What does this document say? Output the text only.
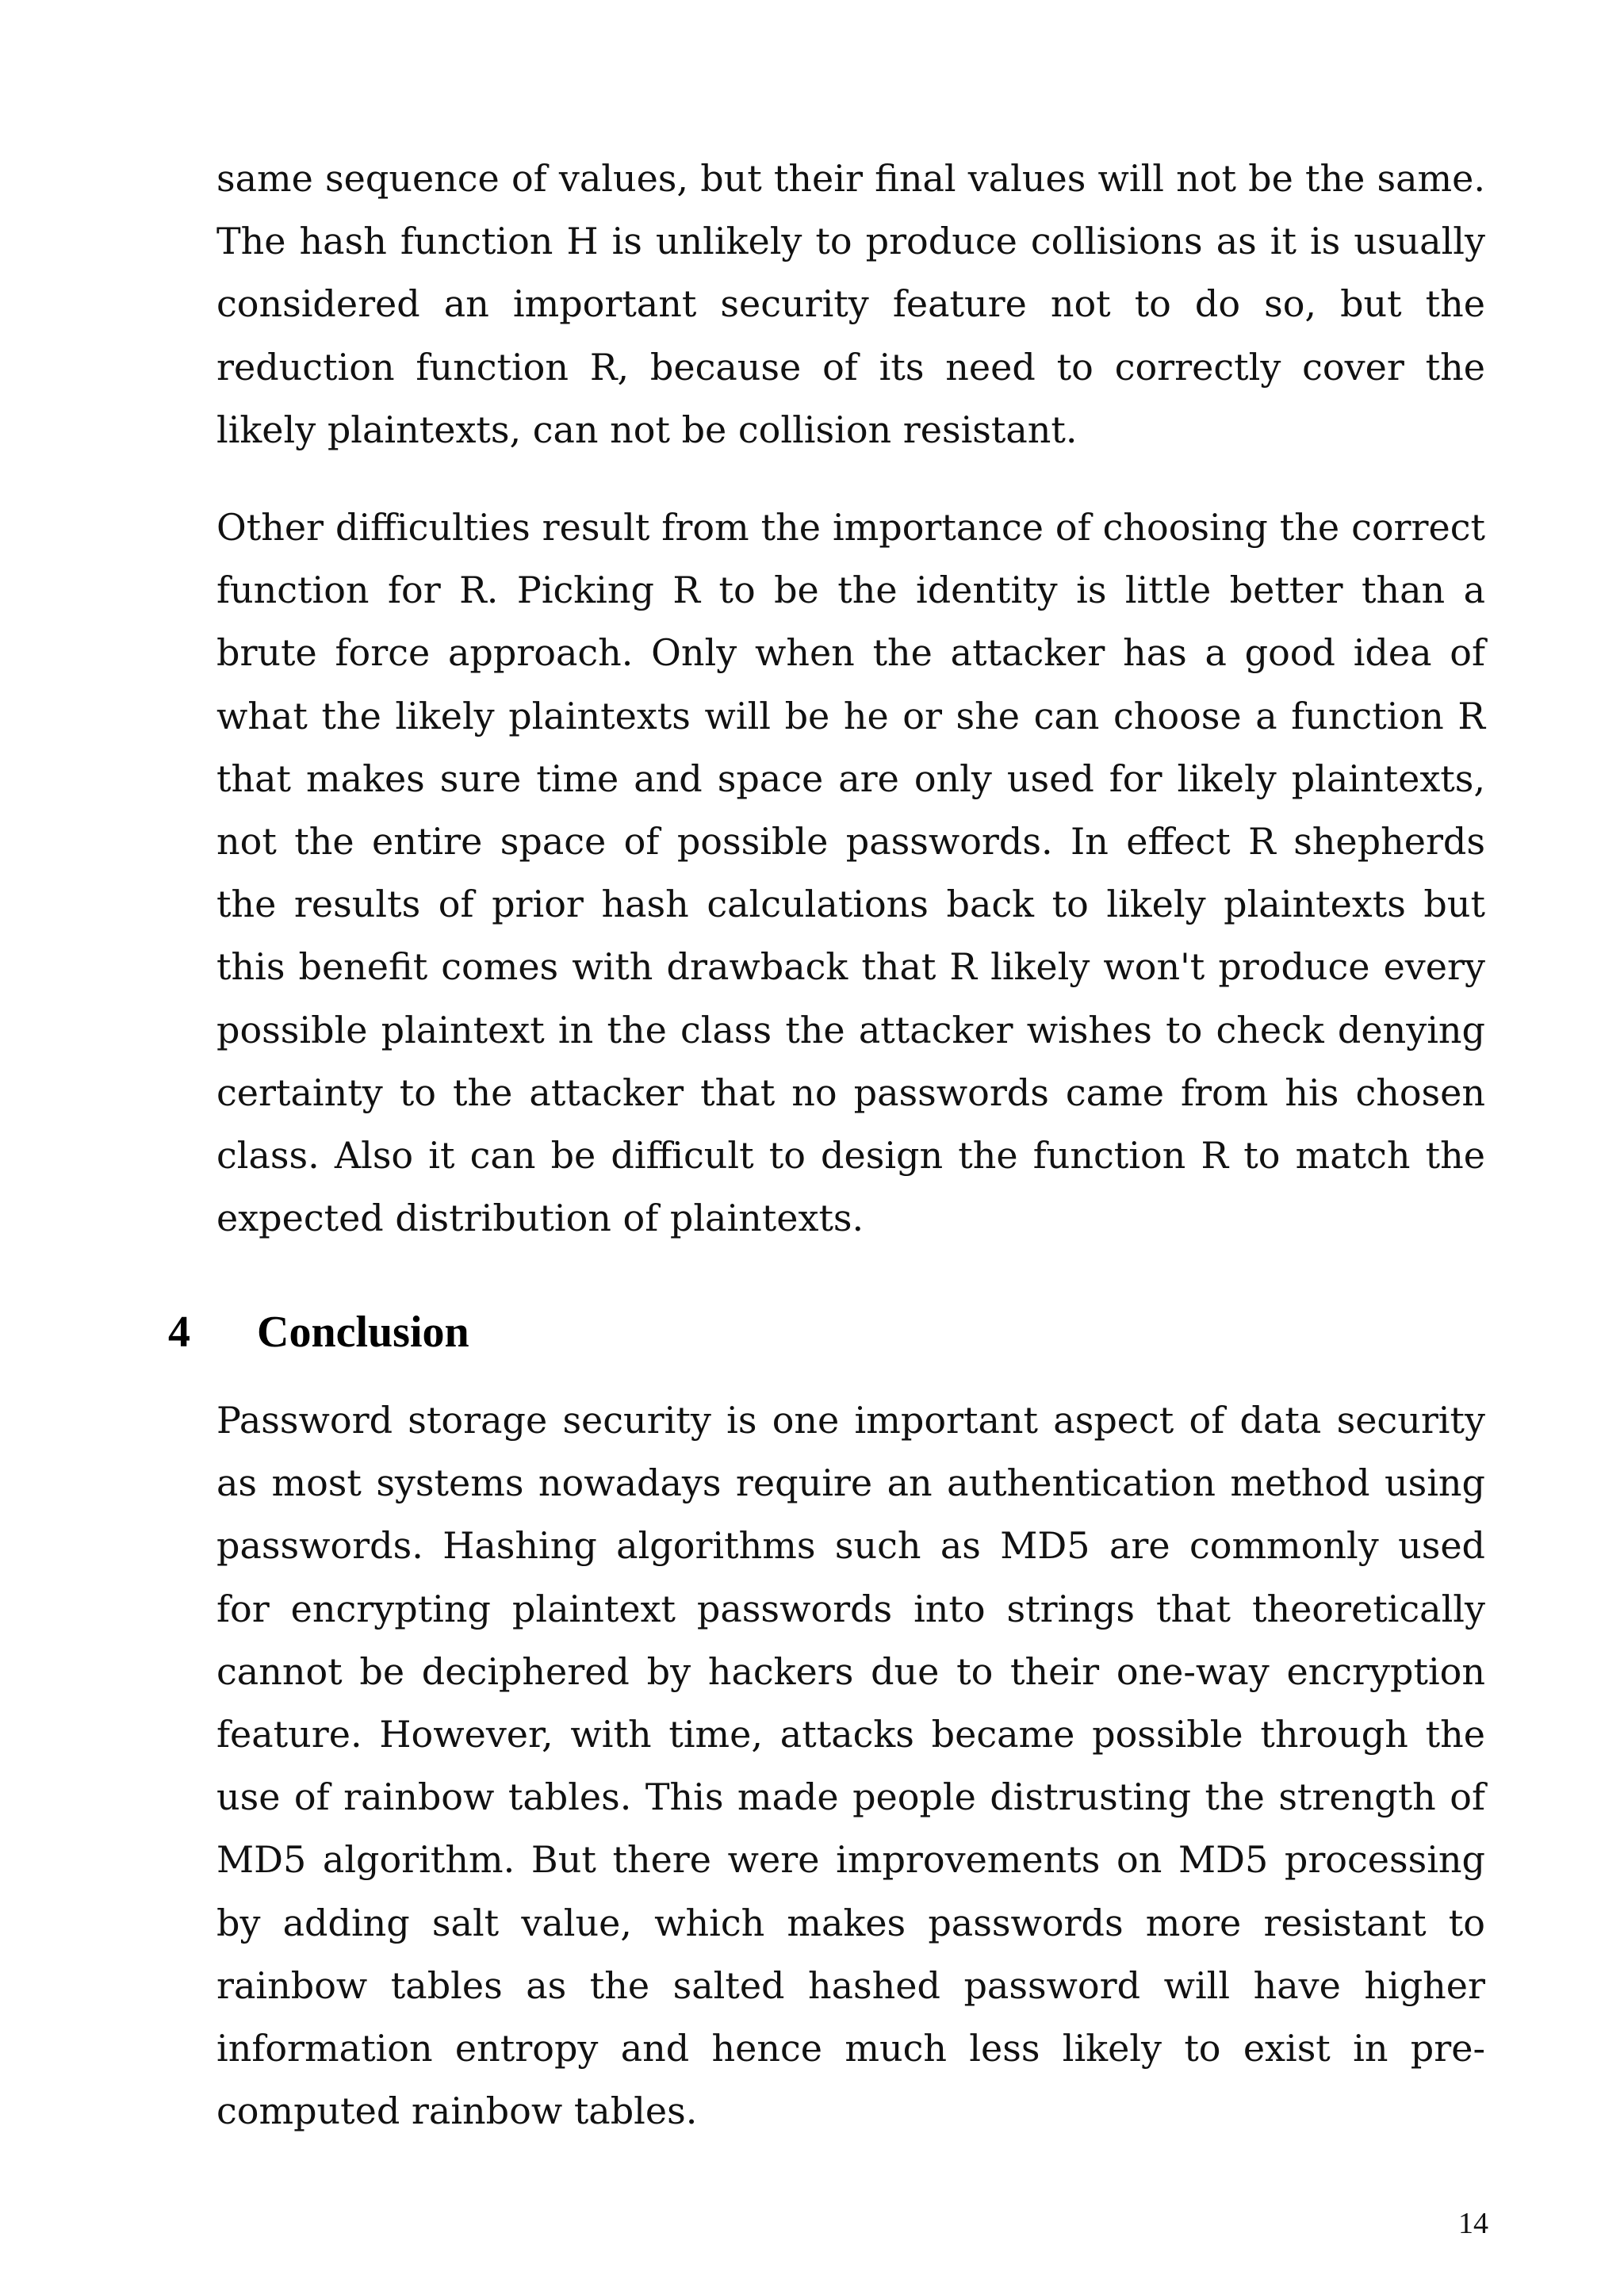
same sequence of values, but their final values will not be the same. The hash function H is unlikely to produce collisions as it is usually considered an important security feature not to do so, but the reduction function R, because of its need to correctly cover the likely plaintexts, can not be collision resistant.

Other difficulties result from the importance of choosing the correct function for R. Picking R to be the identity is little better than a brute force approach. Only when the attacker has a good idea of what the likely plaintexts will be he or she can choose a function R that makes sure time and space are only used for likely plaintexts, not the entire space of possible passwords. In effect R shepherds the results of prior hash calculations back to likely plaintexts but this benefit comes with drawback that R likely won't produce every possible plaintext in the class the attacker wishes to check denying certainty to the attacker that no passwords came from his chosen class. Also it can be difficult to design the function R to match the expected distribution of plaintexts.

4 Conclusion

Password storage security is one important aspect of data security as most systems nowadays require an authentication method using passwords. Hashing algorithms such as MD5 are commonly used for encrypting plaintext passwords into strings that theoretically cannot be deciphered by hackers due to their one-way encryption feature. However, with time, attacks became possible through the use of rainbow tables. This made people distrusting the strength of MD5 algorithm. But there were improvements on MD5 processing by adding salt value, which makes passwords more resistant to rainbow tables as the salted hashed password will have higher information entropy and hence much less likely to exist in pre-computed rainbow tables.

14
